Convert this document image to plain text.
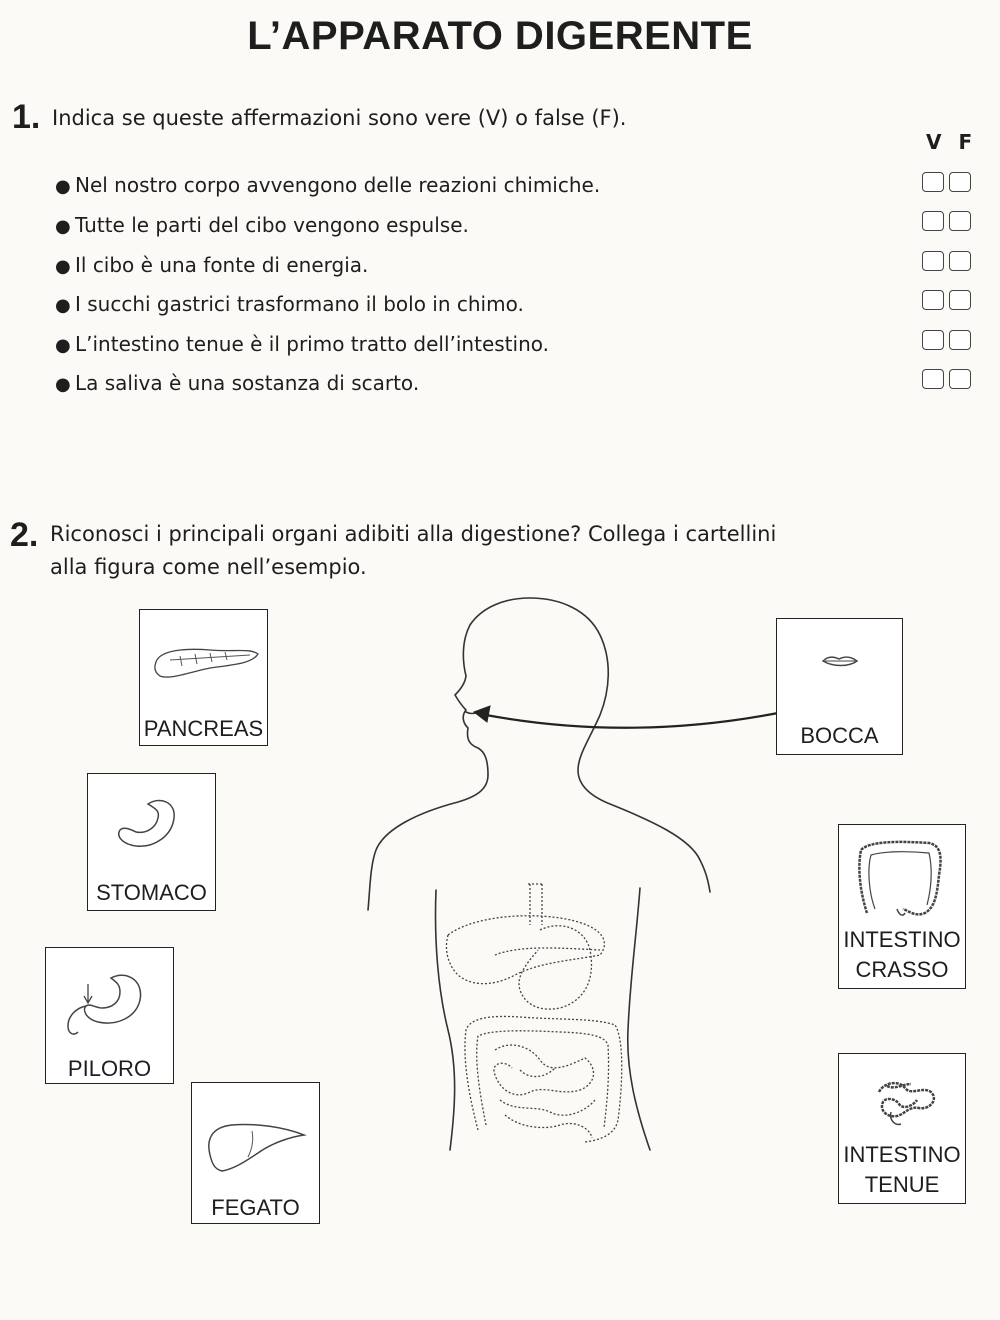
L’APPARATO DIGERENTE
1. Indica se queste affermazioni sono vere (V) o false (F).
V F
● Nel nostro corpo avvengono delle reazioni chimiche.
● Tutte le parti del cibo vengono espulse.
● Il cibo è una fonte di energia.
● I succhi gastrici trasformano il bolo in chimo.
● L’intestino tenue è il primo tratto dell’intestino.
● La saliva è una sostanza di scarto.
2. Riconosci i principali organi adibiti alla digestione? Collega i cartellini
alla figura come nell’esempio.
PANCREAS
STOMACO
PILORO
FEGATO
BOCCA
INTESTINO
CRASSO
INTESTINO
TENUE
